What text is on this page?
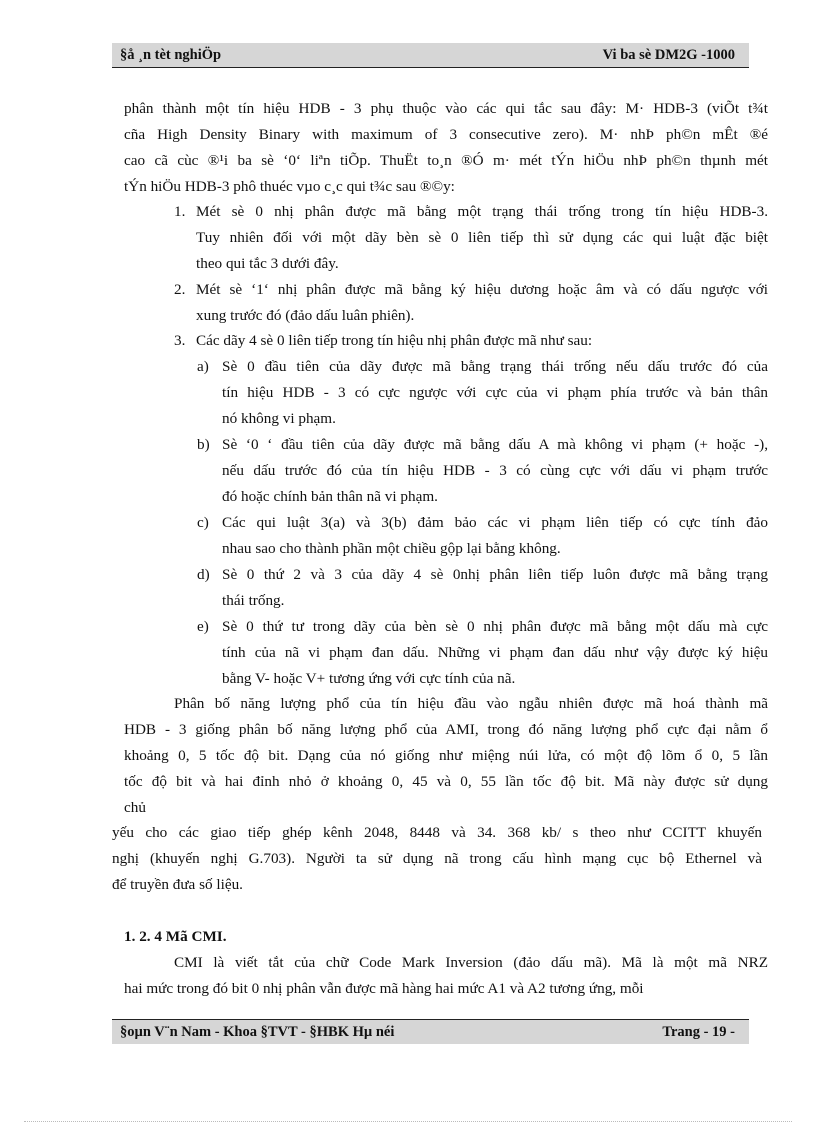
§å ¸n tèt nghiÖp	Vi ba sè DM2G -1000
phân thành một tín hiệu HDB - 3 phụ thuộc vào các qui tắc sau đây: M· HDB-3 (viÕt t¾t
cña High Density Binary with maximum of 3 consecutive zero). M· nhÞ ph©n mÊt ®é
cao cã cùc ®¹i ba sè ‘0‘ liªn tiÕp. ThuËt to¸n ®Ó m· mét tÝn hiÖu nhÞ ph©n thµnh mét
tÝn hiÖu HDB-3 phô thuéc vµo c¸c qui t¾c sau ®©y:
1. Mét sè 0 nhị phân được mã bằng một trạng thái trống trong tín hiệu HDB-3.
Tuy nhiên đối với một dãy bèn sè 0 liên tiếp thì sử dụng các qui luật đặc biệt
theo qui tắc 3 dưới đây.
2. Mét sè ‘1‘ nhị phân được mã bằng ký hiệu dương hoặc âm và có dấu ngược với
xung trước đó (đảo dấu luân phiên).
3. Các dãy 4 sè 0 liên tiếp trong tín hiệu nhị phân được mã như sau:
a) Sè 0 đầu tiên của dãy được mã bằng trạng thái trống nếu dấu trước đó của
tín hiệu HDB - 3 có cực ngược với cực của vi phạm phía trước và bản thân
nó không vi phạm.
b) Sè ‘0 ‘ đầu tiên của dãy được mã bằng dấu A mà không vi phạm (+ hoặc -),
nếu dấu trước đó của tín hiệu HDB - 3 có cùng cực với dấu vi phạm trước
đó hoặc chính bản thân nã vi phạm.
c) Các qui luật 3(a) và 3(b) đảm bảo các vi phạm liên tiếp có cực tính đảo
nhau sao cho thành phần một chiều gộp lại bằng không.
d) Sè 0 thứ 2 và 3 của dãy 4 sè 0nhị phân liên tiếp luôn được mã bằng trạng
thái trống.
e) Sè 0 thứ tư trong dãy của bèn sè 0 nhị phân được mã bằng một dấu mà cực
tính của nã vi phạm đan dấu. Những vi phạm đan dấu như vậy được ký hiệu
bằng V- hoặc V+ tương ứng với cực tính của nã.
Phân bố năng lượng phổ của tín hiệu đầu vào ngẫu nhiên được mã hoá thành mã
HDB - 3 giống phân bố năng lượng phổ của AMI, trong đó năng lượng phổ cực đại nằm ổ
khoảng 0, 5 tốc độ bit. Dạng của nó giống như miệng núi lửa, có một độ lõm ổ 0, 5 lần
tốc độ bit và hai đỉnh nhỏ ở khoảng 0, 45 và 0, 55 lần tốc độ bit. Mã này được sử dụng
chủ
yếu cho các giao tiếp ghép kênh 2048, 8448 và 34. 368 kb/ s theo như CCITT khuyến
nghị (khuyến nghị G.703). Người ta sử dụng nã trong cấu hình mạng cục bộ Ethernel và
để truyền đưa số liệu.
1. 2. 4 Mã CMI.
CMI là viết tắt của chữ Code Mark Inversion (đảo dấu mã). Mã là một mã NRZ
hai mức trong đó bit 0 nhị phân vẫn được mã hàng hai mức A1 và A2 tương ứng, mỗi
§oµn V¨n Nam - Khoa §TVT - §HBK Hµ néi	Trang - 19 -
